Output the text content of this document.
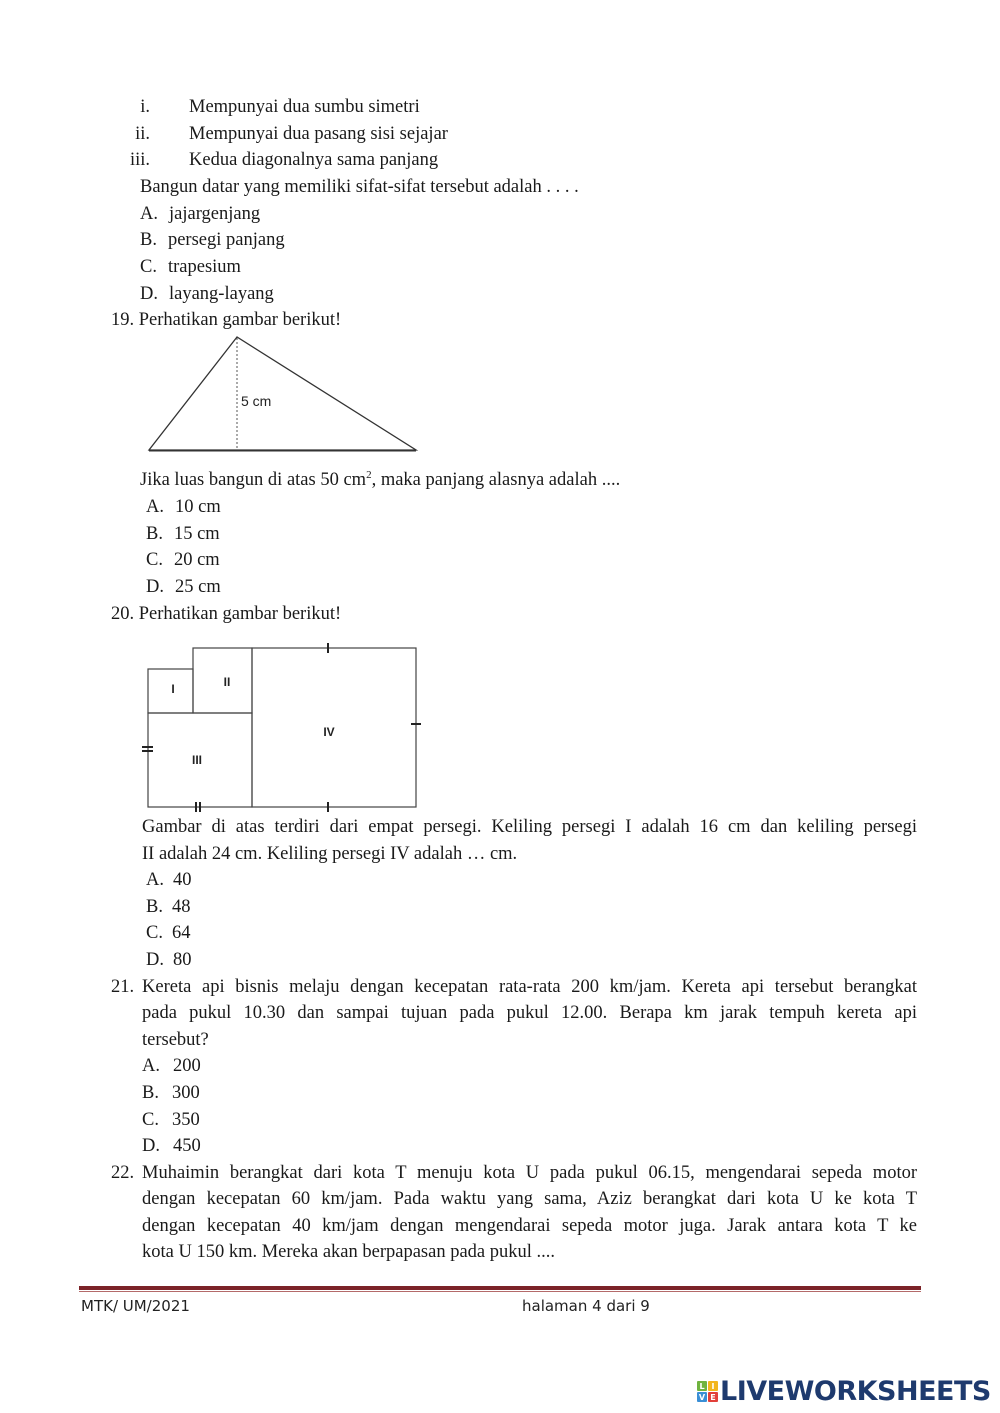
i. Mempunyai dua sumbu simetri
ii. Mempunyai dua pasang sisi sejajar
iii. Kedua diagonalnya sama panjang
Bangun datar yang memiliki sifat-sifat tersebut adalah . . . .
A. jajargenjang
B. persegi panjang
C. trapesium
D. layang-layang
19. Perhatikan gambar berikut!
5 cm
Jika luas bangun di atas 50 $cm^2$, maka panjang alasnya adalah ....
A. 10 cm
B. 15 cm
C. 20 cm
D. 25 cm
20. Perhatikan gambar berikut!
I	II
III
IV
Gambar di atas terdiri dari empat persegi. Keliling persegi I adalah 16 cm dan keliling persegi
II adalah 24 cm. Keliling persegi IV adalah … cm.
A. 40
B. 48
C. 64
D. 80
21. Kereta api bisnis melaju dengan kecepatan rata-rata 200 km/jam. Kereta api tersebut berangkat
pada pukul 10.30 dan sampai tujuan pada pukul 12.00. Berapa km jarak tempuh kereta api
tersebut?
A. 200
B. 300
C. 350
D. 450
22. Muhaimin berangkat dari kota T menuju kota U pada pukul 06.15, mengendarai sepeda motor
dengan kecepatan 60 km/jam. Pada waktu yang sama, Aziz berangkat dari kota U ke kota T
dengan kecepatan 40 km/jam dengan mengendarai sepeda motor juga. Jarak antara kota T ke
kota U 150 km. Mereka akan berpapasan pada pukul ....
MTK/ UM/2021	halaman 4 dari 9
L I
V E LIVEWORKSHEETS
